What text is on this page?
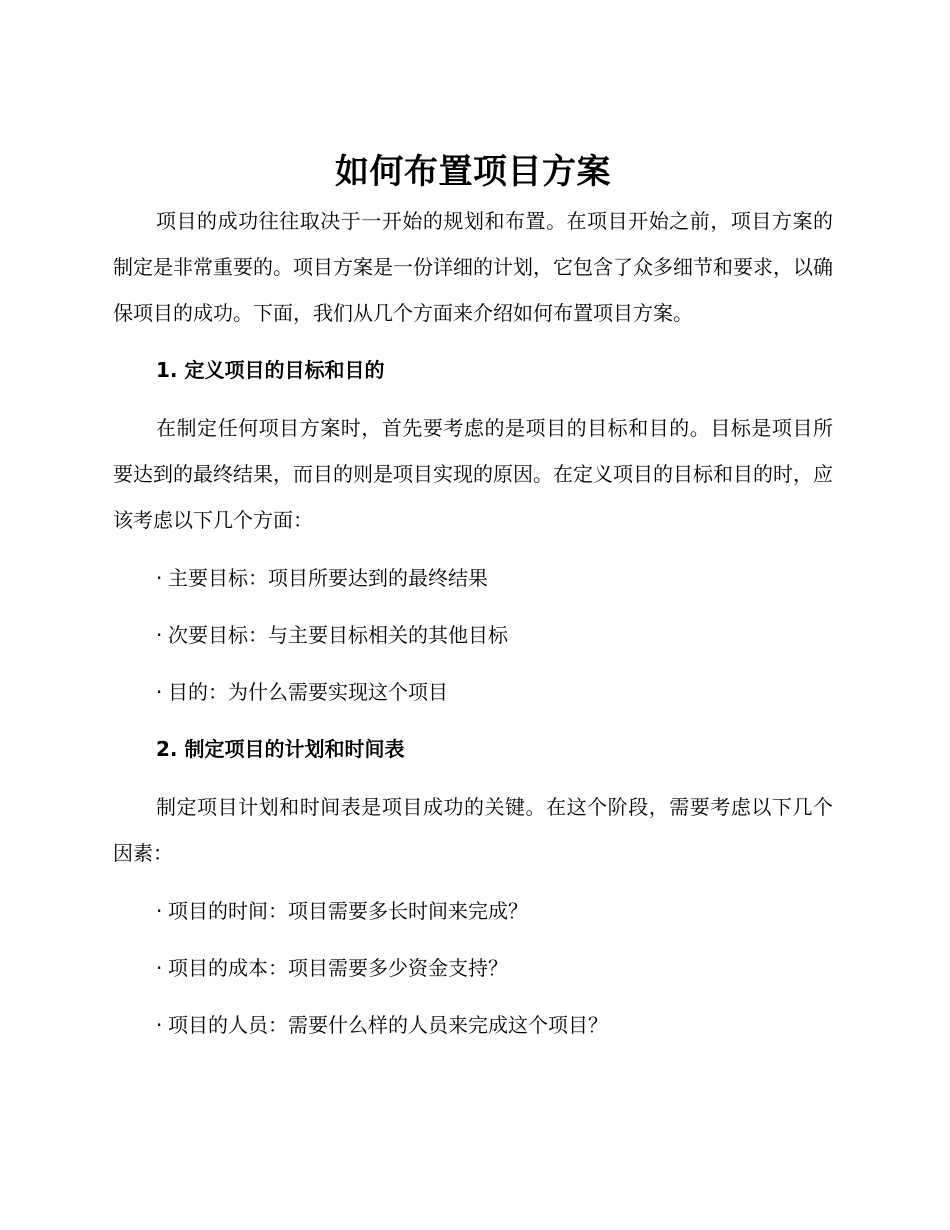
如何布置项目方案

项目的成功往往取决于一开始的规划和布置。在项目开始之前，项目方案的制定是非常重要的。项目方案是一份详细的计划，它包含了众多细节和要求，以确保项目的成功。下面，我们从几个方面来介绍如何布置项目方案。

1. 定义项目的目标和目的

在制定任何项目方案时，首先要考虑的是项目的目标和目的。目标是项目所要达到的最终结果，而目的则是项目实现的原因。在定义项目的目标和目的时，应该考虑以下几个方面：

· 主要目标：项目所要达到的最终结果

· 次要目标：与主要目标相关的其他目标

· 目的：为什么需要实现这个项目

2. 制定项目的计划和时间表

制定项目计划和时间表是项目成功的关键。在这个阶段，需要考虑以下几个因素：

· 项目的时间：项目需要多长时间来完成？

· 项目的成本：项目需要多少资金支持？

· 项目的人员：需要什么样的人员来完成这个项目？
